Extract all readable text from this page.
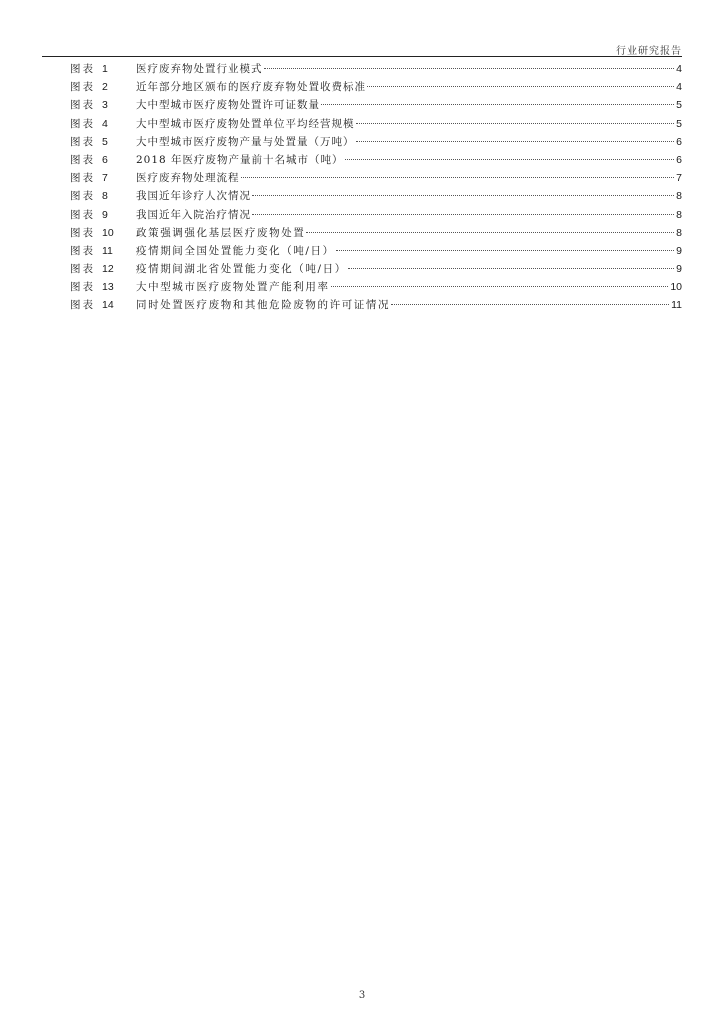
行业研究报告
图表 1	医疗废弃物处置行业模式	4
图表 2	近年部分地区颁布的医疗废弃物处置收费标准	4
图表 3	大中型城市医疗废物处置许可证数量	5
图表 4	大中型城市医疗废物处置单位平均经营规模	5
图表 5	大中型城市医疗废物产量与处置量（万吨）	6
图表 6	2018 年医疗废物产量前十名城市（吨）	6
图表 7	医疗废弃物处理流程	7
图表 8	我国近年诊疗人次情况	8
图表 9	我国近年入院治疗情况	8
图表 10	政策强调强化基层医疗废物处置	8
图表 11	疫情期间全国处置能力变化（吨/日）	9
图表 12	疫情期间湖北省处置能力变化（吨/日）	9
图表 13	大中型城市医疗废物处置产能利用率	10
图表 14	同时处置医疗废物和其他危险废物的许可证情况	11
3
